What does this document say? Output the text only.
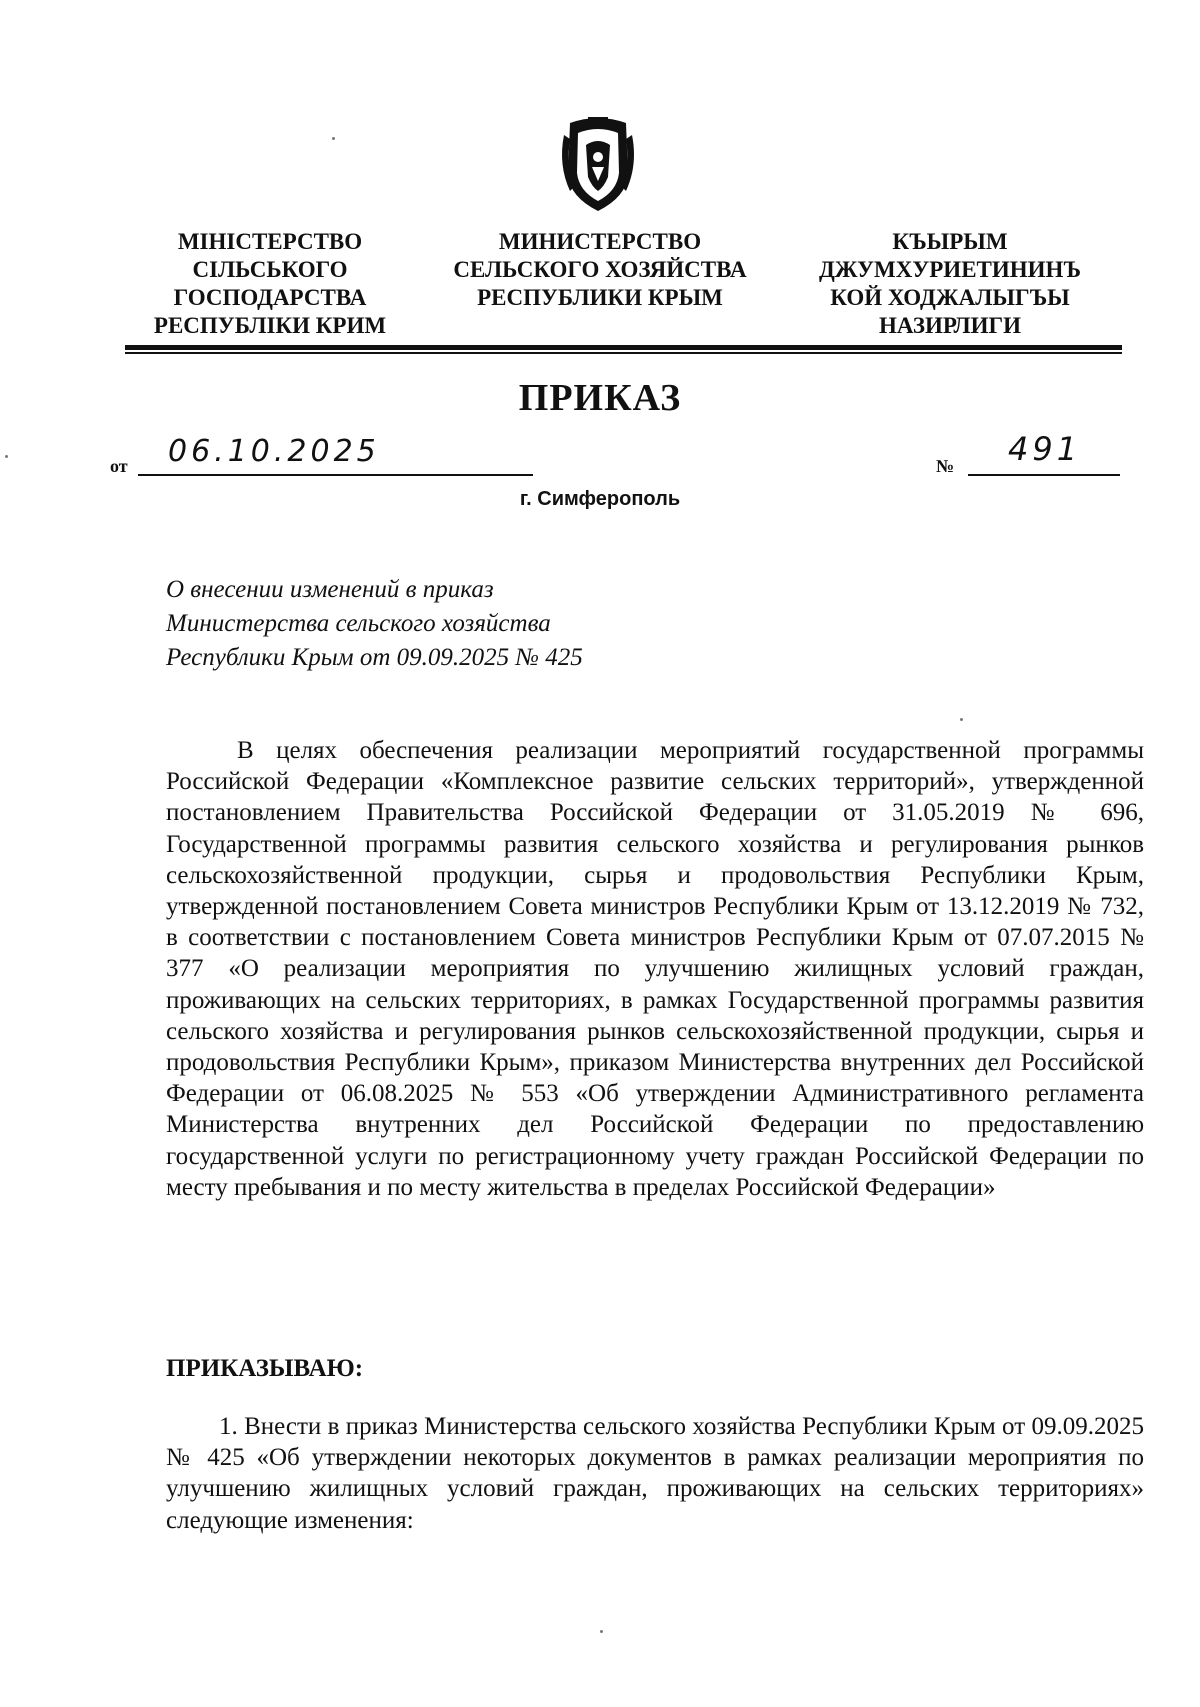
МІНІСТЕРСТВО
СІЛЬСЬКОГО
ГОСПОДАРСТВА
РЕСПУБЛІКИ КРИМ
МИНИСТЕРСТВО
СЕЛЬСКОГО ХОЗЯЙСТВА
РЕСПУБЛИКИ КРЫМ
КЪЫРЫМ
ДЖУМХУРИЕТИНИНЪ
КОЙ ХОДЖАЛЫГЪЫ
НАЗИРЛИГИ
ПРИКАЗ
от 06.10.2025	№ 491
г. Симферополь
О внесении изменений в приказ
Министерства сельского хозяйства
Республики Крым от 09.09.2025 № 425
В целях обеспечения реализации мероприятий государственной программы Российской Федерации «Комплексное развитие сельских территорий», утвержденной постановлением Правительства Российской Федерации от 31.05.2019 № 696, Государственной программы развития сельского хозяйства и регулирования рынков сельскохозяйственной продукции, сырья и продовольствия Республики Крым, утвержденной постановлением Совета министров Республики Крым от 13.12.2019 № 732, в соответствии с постановлением Совета министров Республики Крым от 07.07.2015 № 377 «О реализации мероприятия по улучшению жилищных условий граждан, проживающих на сельских территориях, в рамках Государственной программы развития сельского хозяйства и регулирования рынков сельскохозяйственной продукции, сырья и продовольствия Республики Крым», приказом Министерства внутренних дел Российской Федерации от 06.08.2025 № 553 «Об утверждении Административного регламента Министерства внутренних дел Российской Федерации по предоставлению государственной услуги по регистрационному учету граждан Российской Федерации по месту пребывания и по месту жительства в пределах Российской Федерации»
ПРИКАЗЫВАЮ:
1. Внести в приказ Министерства сельского хозяйства Республики Крым от 09.09.2025 № 425 «Об утверждении некоторых документов в рамках реализации мероприятия по улучшению жилищных условий граждан, проживающих на сельских территориях» следующие изменения:
